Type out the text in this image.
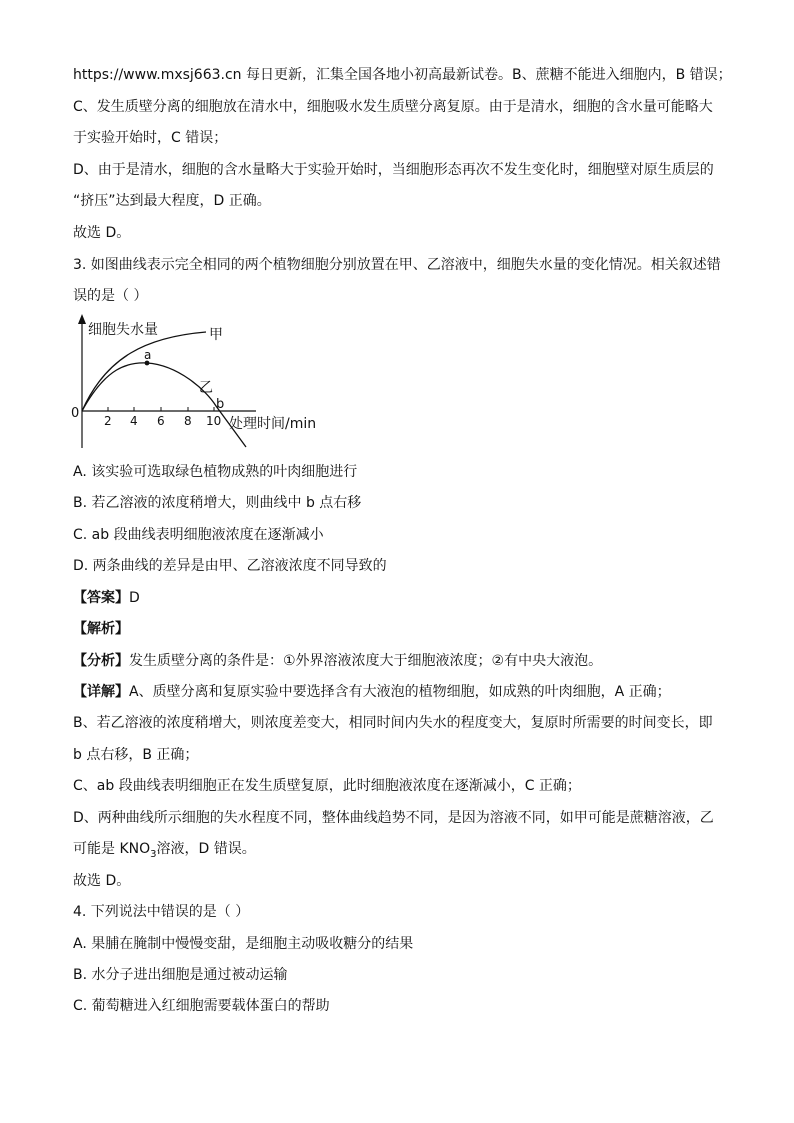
https://www.mxsj663.cn 每日更新，汇集全国各地小初高最新试卷。B、蔗糖不能进入细胞内，B 错误；
C、发生质壁分离的细胞放在清水中，细胞吸水发生质壁分离复原。由于是清水，细胞的含水量可能略大
于实验开始时，C 错误；
D、由于是清水，细胞的含水量略大于实验开始时，当细胞形态再次不发生变化时，细胞壁对原生质层的
“挤压”达到最大程度，D 正确。
故选 D。
3. 如图曲线表示完全相同的两个植物细胞分别放置在甲、乙溶液中，细胞失水量的变化情况。相关叙述错
误的是（ ）
细胞失水量	甲
乙
a
b
0 2 4 6 8 10 处理时间/min
A. 该实验可选取绿色植物成熟的叶肉细胞进行
B. 若乙溶液的浓度稍增大，则曲线中 b 点右移
C. ab 段曲线表明细胞液浓度在逐渐减小
D. 两条曲线的差异是由甲、乙溶液浓度不同导致的
【答案】D
【解析】
【分析】发生质壁分离的条件是：①外界溶液浓度大于细胞液浓度；②有中央大液泡。
【详解】A、质壁分离和复原实验中要选择含有大液泡的植物细胞，如成熟的叶肉细胞，A 正确；
B、若乙溶液的浓度稍增大，则浓度差变大，相同时间内失水的程度变大，复原时所需要的时间变长，即
b 点右移，B 正确；
C、ab 段曲线表明细胞正在发生质壁复原，此时细胞液浓度在逐渐减小，C 正确；
D、两种曲线所示细胞的失水程度不同，整体曲线趋势不同，是因为溶液不同，如甲可能是蔗糖溶液，乙
可能是 $KNO_3$溶液，D 错误。
故选 D。
4. 下列说法中错误的是（ ）
A. 果脯在腌制中慢慢变甜，是细胞主动吸收糖分的结果
B. 水分子进出细胞是通过被动运输
C. 葡萄糖进入红细胞需要载体蛋白的帮助
